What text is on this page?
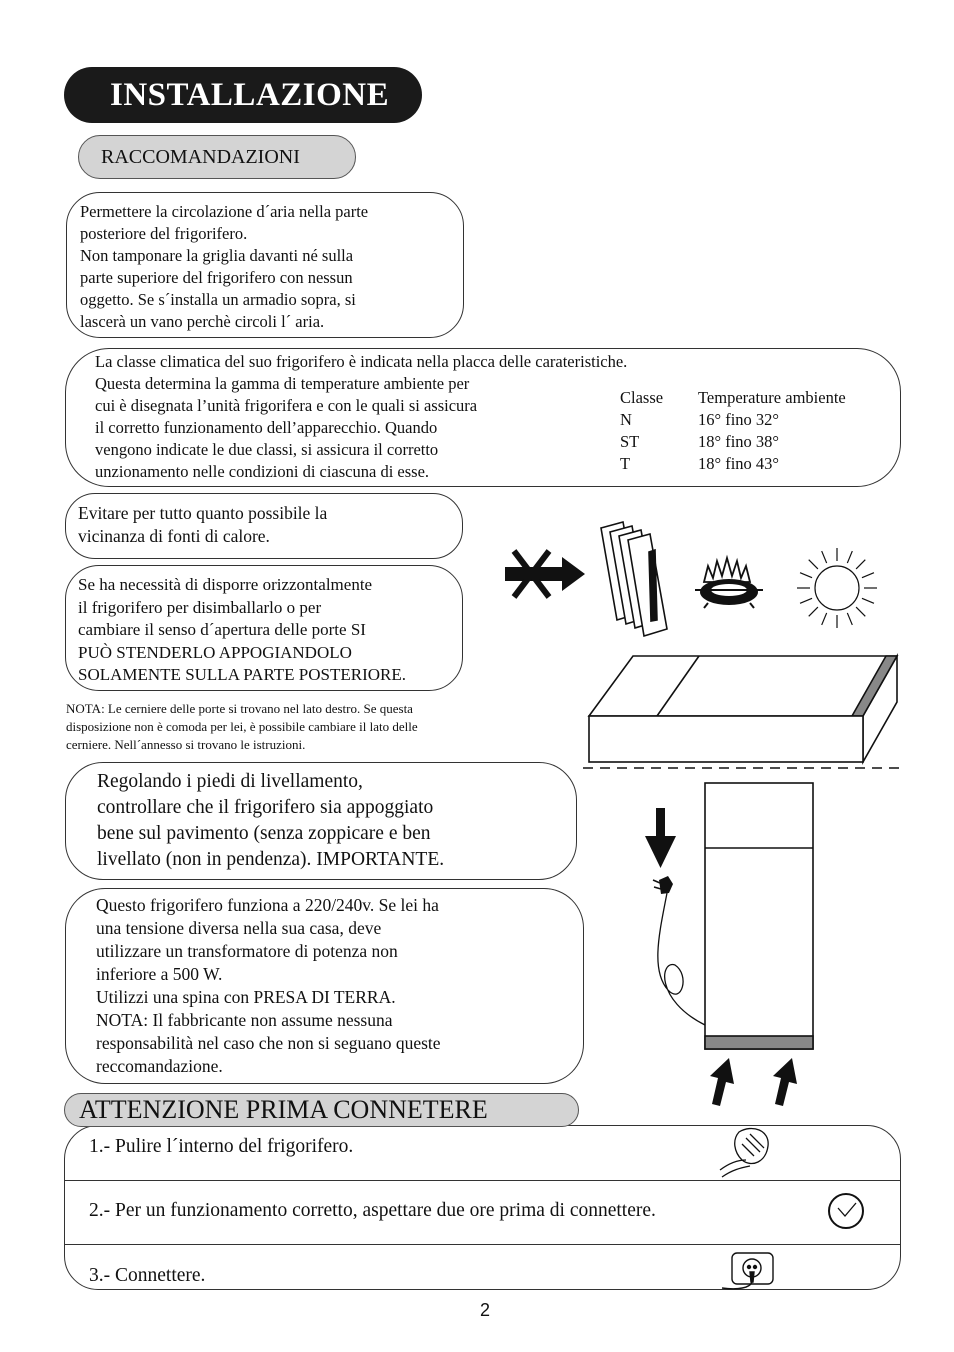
INSTALLAZIONE
RACCOMANDAZIONI
Permettere la circolazione d´aria nella parte
posteriore del frigorifero.
Non tamponare la griglia davanti né sulla
parte superiore del frigorifero con nessun
oggetto. Se s´installa un armadio sopra, si
lascerà un vano perchè circoli l´ aria.
La classe climatica del suo frigorifero è indicata nella placca delle carateristiche.
Questa determina la gamma di temperature ambiente per
cui è disegnata l’unità frigorifera e con le quali si assicura
il corretto funzionamento dell’apparecchio. Quando
vengono indicate le due classi, si assicura il corretto
unzionamento nelle condizioni di ciascuna di esse.
Classe	Temperature ambiente
N	16° fino 32°
ST	18° fino 38°
T	18° fino 43°
Evitare per tutto quanto possibile la
vicinanza di fonti di calore.
Se ha necessità di disporre orizzontalmente
il frigorifero per disimballarlo o per
cambiare il senso d´apertura delle porte SI
PUÒ STENDERLO APPOGIANDOLO
SOLAMENTE SULLA PARTE POSTERIORE.
NOTA: Le cerniere delle porte si trovano nel lato destro. Se questa
disposizione non è comoda per lei, è possibile cambiare il lato delle
cerniere. Nell´annesso si trovano le istruzioni.
Regolando i piedi di livellamento,
controllare che il frigorifero sia appoggiato
bene sul pavimento (senza zoppicare e ben
livellato (non in pendenza). IMPORTANTE.
Questo frigorifero funziona a 220/240v. Se lei ha
una tensione diversa nella sua casa, deve
utilizzare un transformatore di potenza non
inferiore a 500 W.
Utilizzi una spina con PRESA DI TERRA.
NOTA: Il fabbricante non assume nessuna
responsabilità nel caso che non si seguano queste
reccomandazione.
1.- Pulire l´interno del frigorifero.
2.- Per un funzionamento corretto, aspettare due ore prima di connettere.
3.- Connettere.
ATTENZIONE PRIMA CONNETERE
2
